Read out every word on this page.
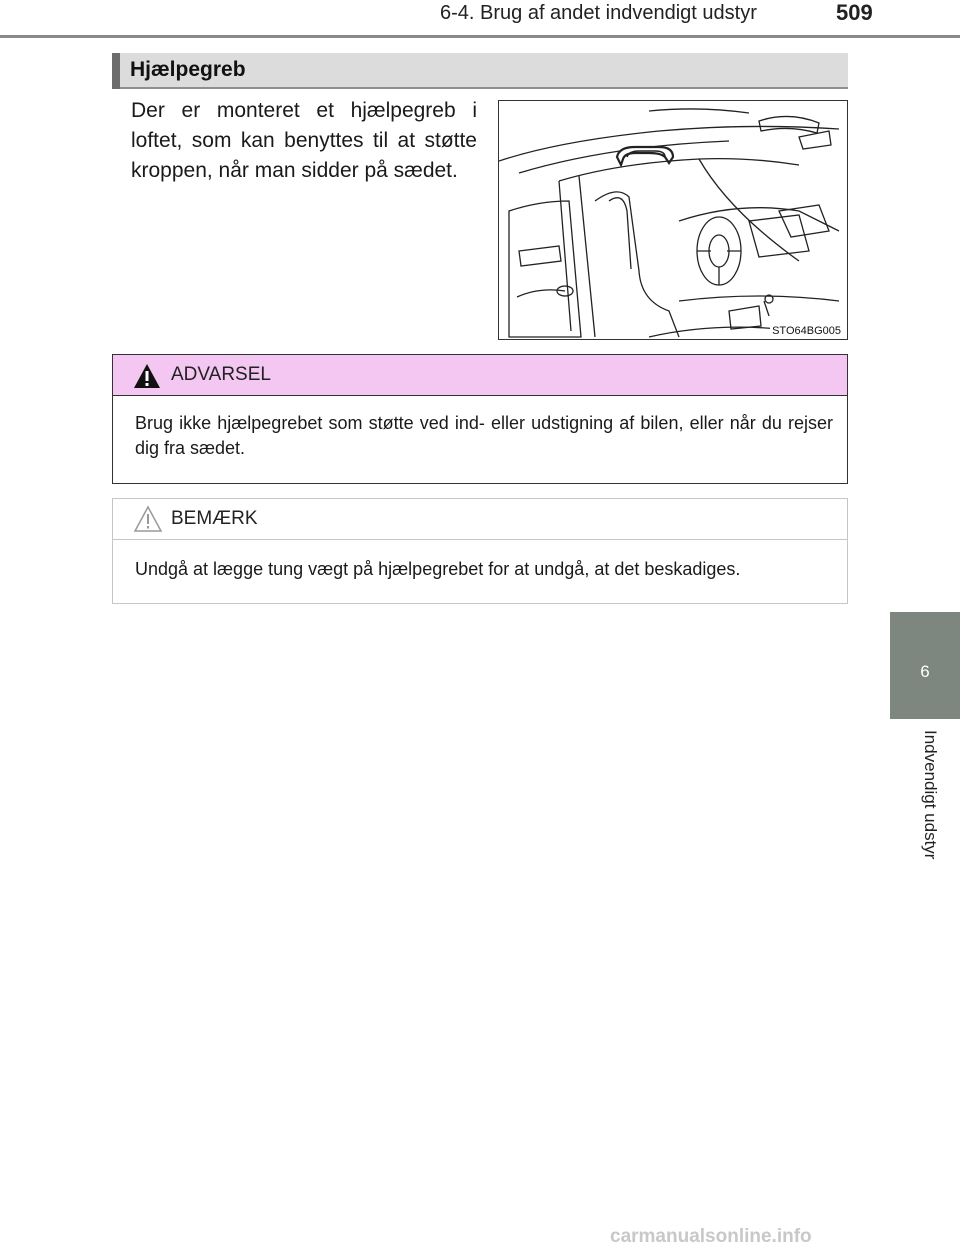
6-4. Brug af andet indvendigt udstyr	509
Hjælpegreb
Der er monteret et hjælpegreb i loftet, som kan benyttes til at støtte kroppen, når man sidder på sædet.
STO64BG005
ADVARSEL
Brug ikke hjælpegrebet som støtte ved ind- eller udstigning af bilen, eller når du rejser dig fra sædet.
BEMÆRK
Undgå at lægge tung vægt på hjælpegrebet for at undgå, at det beskadiges.
6
Indvendigt udstyr
carmanualsonline.info
